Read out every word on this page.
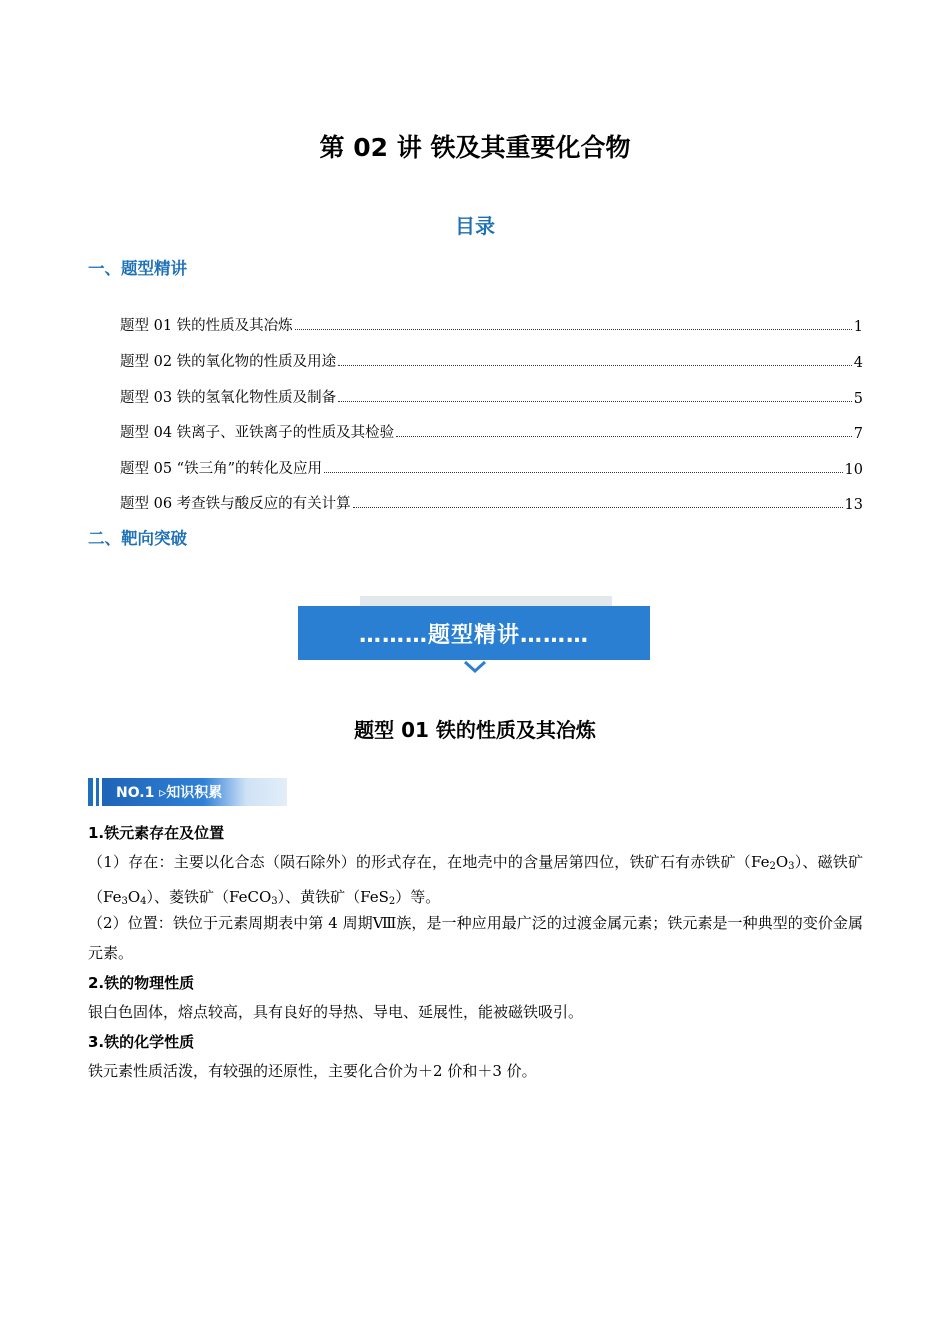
第 02 讲 铁及其重要化合物
目录
一、题型精讲
题型 01 铁的性质及其冶炼	1
题型 02 铁的氧化物的性质及用途	4
题型 03 铁的氢氧化物性质及制备	5
题型 04 铁离子、亚铁离子的性质及其检验	7
题型 05 “铁三角”的转化及应用	10
题型 06 考查铁与酸反应的有关计算	13
二、靶向突破
………题型精讲………
题型 01 铁的性质及其冶炼
NO.1 ▹知识积累
1.铁元素存在及位置
（1）存在：主要以化合态（陨石除外）的形式存在，在地壳中的含量居第四位，铁矿石有赤铁矿$(Fe_2O_3)$、磁铁矿$(Fe_3O_4)$、菱铁矿（FeCO$_3$）、黄铁矿（FeS$_2$）等。
（2）位置：铁位于元素周期表中第 4 周期Ⅷ族，是一种应用最广泛的过渡金属元素；铁元素是一种典型的变价金属元素。
2.铁的物理性质
银白色固体，熔点较高，具有良好的导热、导电、延展性，能被磁铁吸引。
3.铁的化学性质
铁元素性质活泼，有较强的还原性，主要化合价为＋2 价和＋3 价。
